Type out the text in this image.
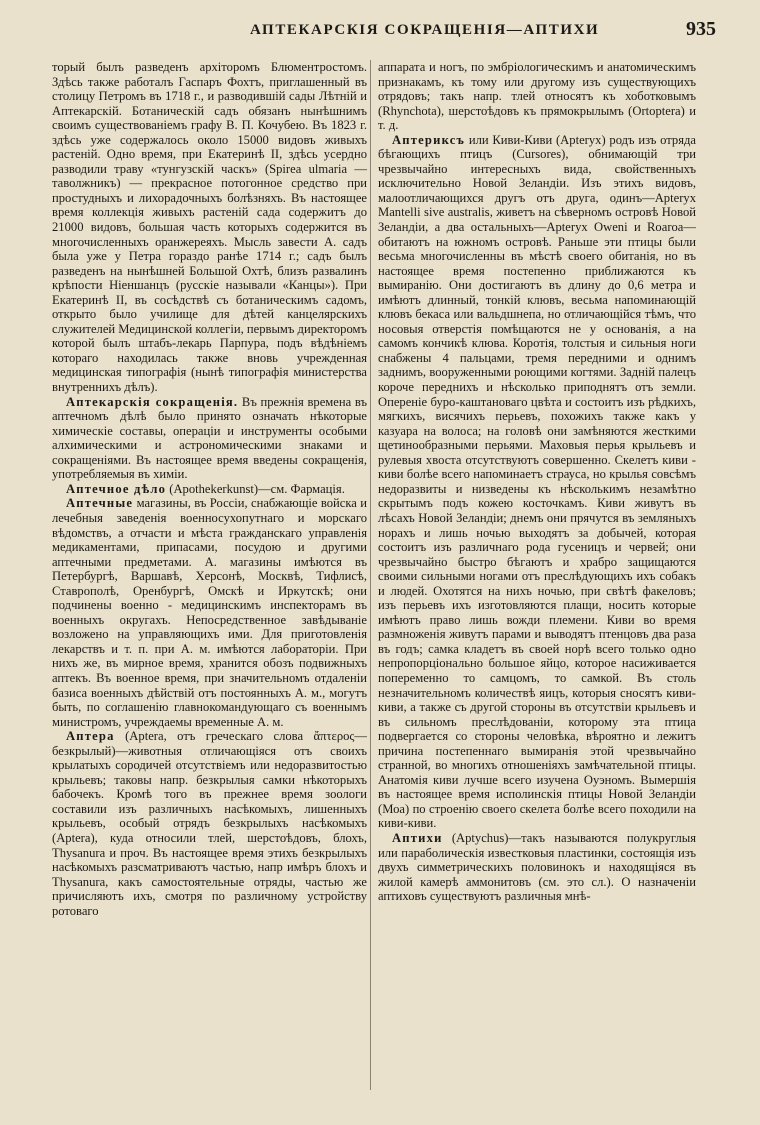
АПТЕКАРСКІЯ СОКРАЩЕНІЯ—АПТИХИ	935

торый былъ разведенъ архіторомъ Блюментростомъ. Здѣсь также работалъ Гаспаръ Фохтъ, приглашенный въ столицу Петромъ въ 1718 г., и разводившій сады Лѣтній и Аптекарскій. Ботаническій садъ обязанъ нынѣшнимъ своимъ существованіемъ графу В. П. Кочубею. Въ 1823 г. здѣсь уже содержалось около 15000 видовъ живыхъ растеній. Одно время, при Екатеринѣ II, здѣсь усердно разводили траву «тунгузскій часкъ» (Spirea ulmaria — таволжникъ) — прекрасное потогонное средство при простудныхъ и лихорадочныхъ болѣзняхъ. Въ настоящее время коллекція живыхъ растеній сада содержитъ до 21000 видовъ, большая часть которыхъ содержится въ многочисленныхъ оранжереяхъ. Мысль завести А. садъ была уже у Петра гораздо ранѣе 1714 г.; садъ былъ разведенъ на нынѣшней Большой Охтѣ, близъ развалинъ крѣпости Ніеншанцъ (русскіе называли «Канцы»). При Екатеринѣ II, въ сосѣдствѣ съ ботаническимъ садомъ, открыто было училище для дѣтей канцелярскихъ служителей Медицинской коллегіи, первымъ директоромъ которой былъ штабъ-лекарь Парпура, подъ вѣдѣніемъ котораго находилась также вновь учрежденная медицинская типографія (нынѣ типографія министерства внутреннихъ дѣлъ).

Аптекарскія сокращенія. Въ прежнія времена въ аптечномъ дѣлѣ было принято означать нѣкоторые химическіе составы, операціи и инструменты особыми алхимическими и астрономическими знаками и сокращеніями. Въ настоящее время введены сокращенія, употребляемыя въ химіи.

Аптечное дѣло (Apothekerkunst)—см. Фармація.

Аптечные магазины, въ Россіи, снабжающіе войска и лечебныя заведенія военносухопутнаго и морскаго вѣдомствъ, а отчасти и мѣста гражданскаго управленія медикаментами, припасами, посудою и другими аптечными предметами. А. магазины имѣются въ Петербургѣ, Варшавѣ, Херсонѣ, Москвѣ, Тифлисѣ, Ставрополѣ, Оренбургѣ, Омскѣ и Иркутскѣ; они подчинены военно - медицинскимъ инспекторамъ въ военныхъ округахъ. Непосредственное завѣдываніе возложено на управляющихъ ими. Для приготовленія лекарствъ и т. п. при А. м. имѣются лабораторіи. При нихъ же, въ мирное время, хранится обозъ подвижныхъ аптекъ. Въ военное время, при значительномъ отдаленіи базиса военныхъ дѣйствій отъ постоянныхъ А. м., могутъ быть, по соглашенію главнокомандующаго съ военнымъ министромъ, учреждаемы временные А. м.

Аптера (Aptera, отъ греческаго слова ἄπτερος—безкрылый)—животныя отличающіяся отъ своихъ крылатыхъ сородичей отсутствіемъ или недоразвитостью крыльевъ; таковы напр. безкрылыя самки нѣкоторыхъ бабочекъ. Кромѣ того въ прежнее время зоологи составили изъ различныхъ насѣкомыхъ, лишенныхъ крыльевъ, особый отрядъ безкрылыхъ насѣкомыхъ (Aptera), куда относили тлей, шерстоѣдовъ, блохъ, Thysanura и проч. Въ настоящее время этихъ безкрылыхъ насѣкомыхъ разсматриваютъ частью, напр имѣръ блохъ и Thysanura, какъ самостоятельные отряды, частью же причисляютъ ихъ, смотря по различному устройству ротоваго

аппарата и ногъ, по эмбріологическимъ и анатомическимъ признакамъ, къ тому или другому изъ существующихъ отрядовъ; такъ напр. тлей относятъ къ хоботковымъ (Rhynchota), шерстоѣдовъ къ прямокрылымъ (Ortoptera) и т. д.

Аптериксъ или Киви-Киви (Apterух) родъ изъ отряда бѣгающихъ птицъ (Cursores), обнимающій три чрезвычайно интересныхъ вида, свойственныхъ исключительно Новой Зеландіи. Изъ этихъ видовъ, малоотличающихся другъ отъ друга, одинъ—Apteryx Mantelli sive australis, живетъ на сѣверномъ островѣ Новой Зеландіи, а два остальныхъ—Apteryx Oweni и Roaroa—обитаютъ на южномъ островѣ. Раньше эти птицы были весьма многочисленны въ мѣстѣ своего обитанія, но въ настоящее время постепенно приближаются къ вымиранію. Они достигаютъ въ длину до 0,6 метра и имѣютъ длинный, тонкій клювъ, весьма напоминающій клювъ бекаса или вальдшнепа, но отличающійся тѣмъ, что носовыя отверстія помѣщаются не у основанія, а на самомъ кончикѣ клюва. Коротія, толстыя и сильныя ноги снабжены 4 пальцами, тремя передними и однимъ заднимъ, вооруженными роющими когтями. Задній палецъ короче переднихъ и нѣсколько приподнятъ отъ земли. Опереніе буро-каштановаго цвѣта и состоитъ изъ рѣдкихъ, мягкихъ, висячихъ перьевъ, похожихъ также какъ у казуара на волоса; на головѣ они замѣняются жесткими щетинообразными перьями. Маховыя перья крыльевъ и рулевыя хвоста отсутствуютъ совершенно. Скелетъ киви - киви болѣе всего напоминаетъ страуса, но крылья совсѣмъ недоразвиты и низведены къ нѣсколькимъ незамѣтно скрытымъ подъ кожею косточкамъ. Киви живутъ въ лѣсахъ Новой Зеландіи; днемъ они прячутся въ земляныхъ норахъ и лишь ночью выходятъ за добычей, которая состоитъ изъ различнаго рода гусеницъ и червей; они чрезвычайно быстро бѣгаютъ и храбро защищаются своими сильными ногами отъ преслѣдующихъ ихъ собакъ и людей. Охотятся на нихъ ночью, при свѣтѣ факеловъ; изъ перьевъ ихъ изготовляются плащи, носить которые имѣютъ право лишь вожди племени. Киви во время размноженія живутъ парами и выводятъ птенцовъ два раза въ годъ; самка кладетъ въ своей норѣ всего только одно непропорціонально большое яйцо, которое насиживается попеременно то самцомъ, то самкой. Въ столь незначительномъ количествѣ яицъ, которыя сносятъ киви-киви, а также съ другой стороны въ отсутствіи крыльевъ и въ сильномъ преслѣдованіи, которому эта птица подвергается со стороны человѣка, вѣроятно и лежитъ причина постепеннаго вымиранія этой чрезвычайно странной, во многихъ отношеніяхъ замѣчательной птицы. Анатомія киви лучше всего изучена Оуэномъ. Вымершія въ настоящее время исполинскія птицы Новой Зеландіи (Моа) по строенію своего скелета болѣе всего походили на киви-киви.

Аптихи (Aptychus)—такъ называются полукруглыя или параболическія известковыя пластинки, состоящія изъ двухъ симметрическихъ половинокъ и находящіяся въ жилой камерѣ аммонитовъ (см. это сл.). О назначеніи аптиховъ существуютъ различныя мнѣ-
